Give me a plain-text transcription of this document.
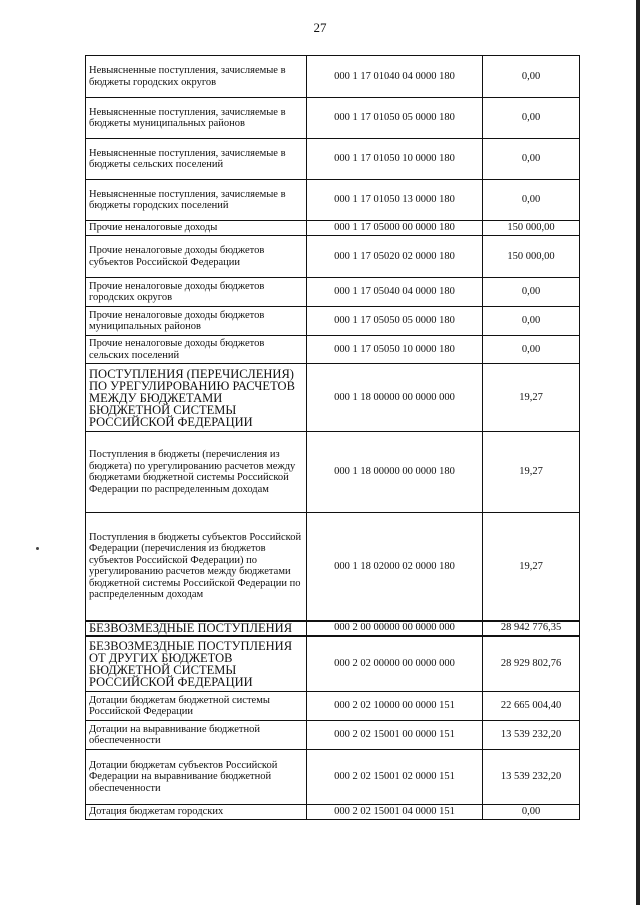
27
Невыясненные поступления, зачисляемые в бюджеты городских округов	000 1 17 01040 04 0000 180	0,00
Невыясненные поступления, зачисляемые в бюджеты муниципальных районов	000 1 17 01050 05 0000 180	0,00
Невыясненные поступления, зачисляемые в бюджеты сельских поселений	000 1 17 01050 10 0000 180	0,00
Невыясненные поступления, зачисляемые в бюджеты городских поселений	000 1 17 01050 13 0000 180	0,00
Прочие неналоговые доходы	000 1 17 05000 00 0000 180	150 000,00
Прочие неналоговые доходы бюджетов субъектов Российской Федерации	000 1 17 05020 02 0000 180	150 000,00
Прочие неналоговые доходы бюджетов городских округов	000 1 17 05040 04 0000 180	0,00
Прочие неналоговые доходы бюджетов муниципальных районов	000 1 17 05050 05 0000 180	0,00
Прочие неналоговые доходы бюджетов сельских поселений	000 1 17 05050 10 0000 180	0,00
ПОСТУПЛЕНИЯ (ПЕРЕЧИСЛЕНИЯ) ПО УРЕГУЛИРОВАНИЮ РАСЧЕТОВ МЕЖДУ БЮДЖЕТАМИ БЮДЖЕТНОЙ СИСТЕМЫ РОССИЙСКОЙ ФЕДЕРАЦИИ	000 1 18 00000 00 0000 000	19,27
Поступления в бюджеты (перечисления из бюджета) по урегулированию расчетов между бюджетами бюджетной системы Российской Федерации по распределенным доходам	000 1 18 00000 00 0000 180	19,27
Поступления в бюджеты субъектов Российской Федерации (перечисления из бюджетов субъектов Российской Федерации) по урегулированию расчетов между бюджетами бюджетной системы Российской Федерации по распределенным доходам	000 1 18 02000 02 0000 180	19,27
БЕЗВОЗМЕЗДНЫЕ ПОСТУПЛЕНИЯ	000 2 00 00000 00 0000 000	28 942 776,35
БЕЗВОЗМЕЗДНЫЕ ПОСТУПЛЕНИЯ ОТ ДРУГИХ БЮДЖЕТОВ БЮДЖЕТНОЙ СИСТЕМЫ РОССИЙСКОЙ ФЕДЕРАЦИИ	000 2 02 00000 00 0000 000	28 929 802,76
Дотации бюджетам бюджетной системы Российской Федерации	000 2 02 10000 00 0000 151	22 665 004,40
Дотации на выравнивание бюджетной обеспеченности	000 2 02 15001 00 0000 151	13 539 232,20
Дотации бюджетам субъектов Российской Федерации на выравнивание бюджетной обеспеченности	000 2 02 15001 02 0000 151	13 539 232,20
Дотация бюджетам городских	000 2 02 15001 04 0000 151	0,00
